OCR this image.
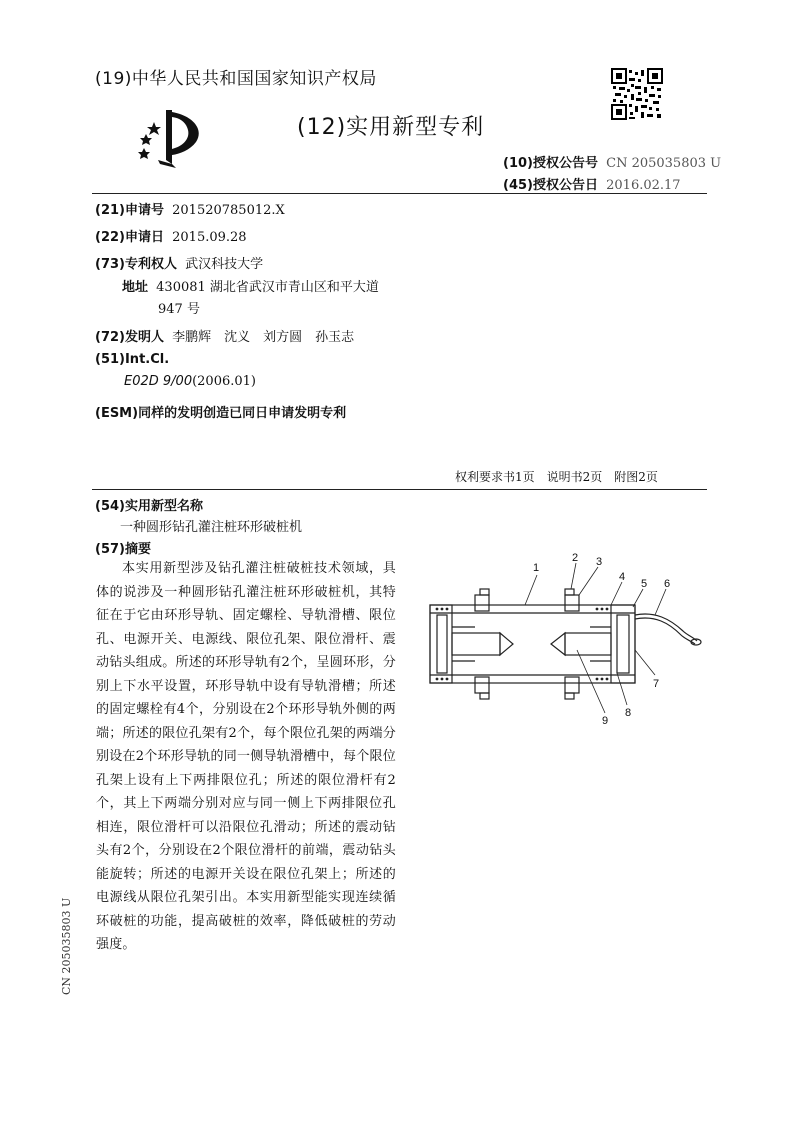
(19)中华人民共和国国家知识产权局
(12)实用新型专利
(10)授权公告号 CN 205035803 U
(45)授权公告日 2016.02.17
(21)申请号 201520785012.X
(22)申请日 2015.09.28
(73)专利权人 武汉科技大学
地址 430081 湖北省武汉市青山区和平大道
947 号
(72)发明人 李鹏辉　沈义　刘方圆　孙玉志
(51)Int.Cl.
E02D 9/00(2006.01)
(ESM)同样的发明创造已同日申请发明专利
权利要求书1页　说明书2页　附图2页
(54)实用新型名称
一种圆形钻孔灌注桩环形破桩机
(57)摘要
本实用新型涉及钻孔灌注桩破桩技术领域，具体的说涉及一种圆形钻孔灌注桩环形破桩机，其特征在于它由环形导轨、固定螺栓、导轨滑槽、限位孔、电源开关、电源线、限位孔架、限位滑杆、震动钻头组成。所述的环形导轨有2个，呈圆环形，分别上下水平设置，环形导轨中设有导轨滑槽；所述的固定螺栓有4个，分别设在2个环形导轨外侧的两端；所述的限位孔架有2个，每个限位孔架的两端分别设在2个环形导轨的同一侧导轨滑槽中，每个限位孔架上设有上下两排限位孔；所述的限位滑杆有2个，其上下两端分别对应与同一侧上下两排限位孔相连，限位滑杆可以沿限位孔滑动；所述的震动钻头有2个，分别设在2个限位滑杆的前端，震动钻头能旋转；所述的电源开关设在限位孔架上；所述的电源线从限位孔架引出。本实用新型能实现连续循环破桩的功能，提高破桩的效率，降低破桩的劳动强度。
1
2 3
4
5 6
7
8
9
CN 205035803 U
